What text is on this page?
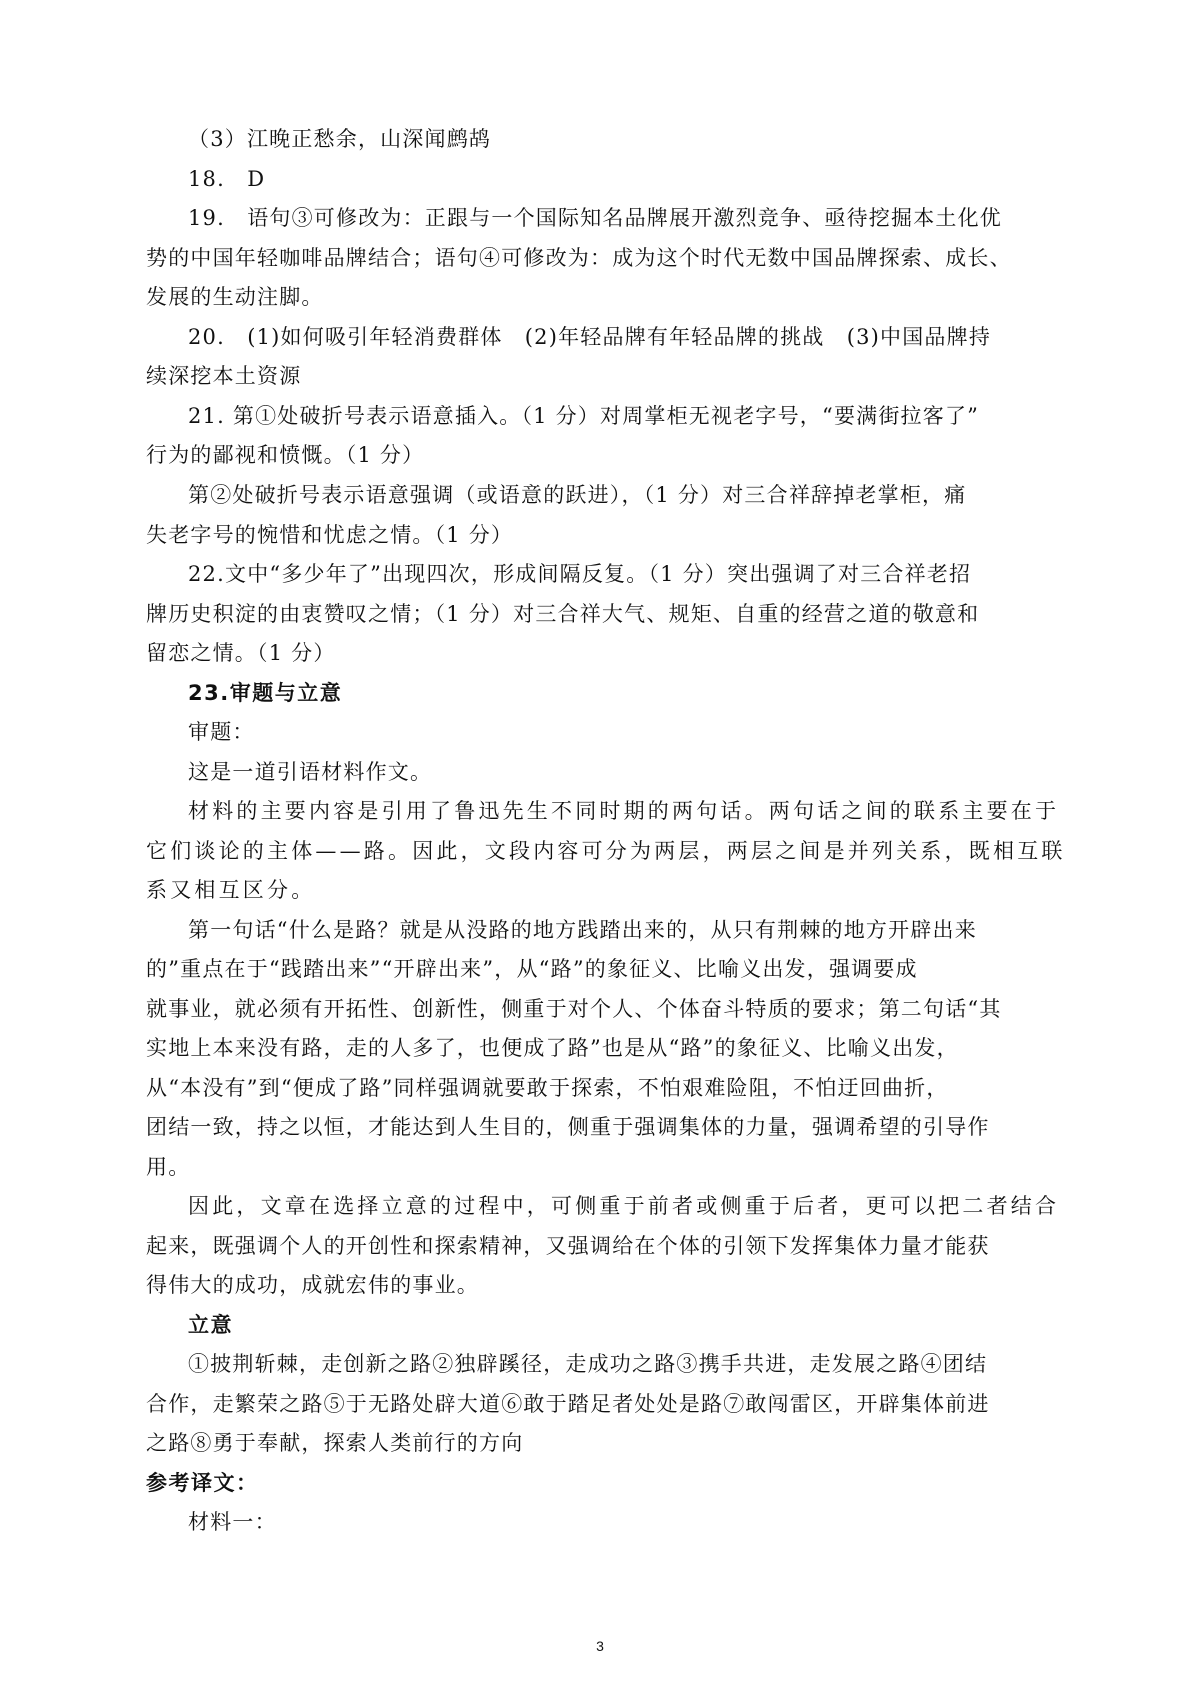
（3）江晚正愁余，山深闻鹧鸪
18.　D
19.　语句③可修改为：正跟与一个国际知名品牌展开激烈竞争、亟待挖掘本土化优
势的中国年轻咖啡品牌结合；语句④可修改为：成为这个时代无数中国品牌探索、成长、
发展的生动注脚。
20.　(1)如何吸引年轻消费群体　(2)年轻品牌有年轻品牌的挑战　(3)中国品牌持
续深挖本土资源
21. 第①处破折号表示语意插入。（1 分）对周掌柜无视老字号，“要满街拉客了”
行为的鄙视和愤慨。（1 分）
第②处破折号表示语意强调（或语意的跃进），（1 分）对三合祥辞掉老掌柜，痛
失老字号的惋惜和忧虑之情。（1 分）
22.文中“多少年了”出现四次，形成间隔反复。（1 分）突出强调了对三合祥老招
牌历史积淀的由衷赞叹之情；（1 分）对三合祥大气、规矩、自重的经营之道的敬意和
留恋之情。（1 分）
23.审题与立意
审题：
这是一道引语材料作文。
材料的主要内容是引用了鲁迅先生不同时期的两句话。两句话之间的联系主要在于
它们谈论的主体——路。因此，文段内容可分为两层，两层之间是并列关系，既相互联
系又相互区分。
第一句话“什么是路？就是从没路的地方践踏出来的，从只有荆棘的地方开辟出来
的”重点在于“践踏出来”“开辟出来”，从“路”的象征义、比喻义出发，强调要成
就事业，就必须有开拓性、创新性，侧重于对个人、个体奋斗特质的要求；第二句话“其
实地上本来没有路，走的人多了，也便成了路”也是从“路”的象征义、比喻义出发，
从“本没有”到“便成了路”同样强调就要敢于探索，不怕艰难险阻，不怕迂回曲折，
团结一致，持之以恒，才能达到人生目的，侧重于强调集体的力量，强调希望的引导作
用。
因此，文章在选择立意的过程中，可侧重于前者或侧重于后者，更可以把二者结合
起来，既强调个人的开创性和探索精神，又强调给在个体的引领下发挥集体力量才能获
得伟大的成功，成就宏伟的事业。
立意
①披荆斩棘，走创新之路②独辟蹊径，走成功之路③携手共进，走发展之路④团结
合作，走繁荣之路⑤于无路处辟大道⑥敢于踏足者处处是路⑦敢闯雷区，开辟集体前进
之路⑧勇于奉献，探索人类前行的方向
参考译文：
材料一：
3
